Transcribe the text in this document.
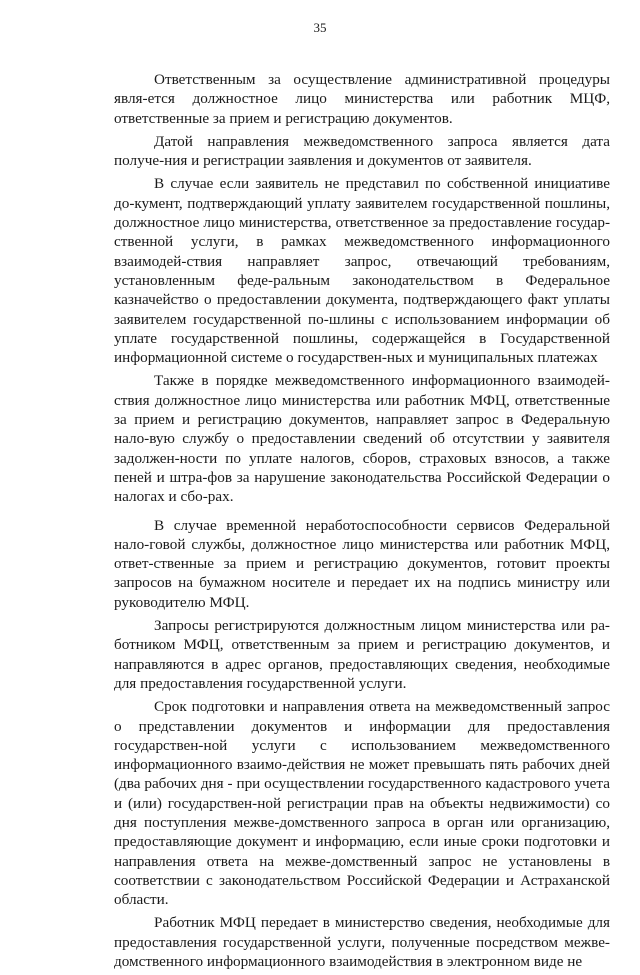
35

Ответственным за осуществление административной процедуры явля-ется должностное лицо министерства или работник МЦФ, ответственные за прием и регистрацию документов.

Датой направления межведомственного запроса является дата получе-ния и регистрации заявления и документов от заявителя.

В случае если заявитель не представил по собственной инициативе до-кумент, подтверждающий уплату заявителем государственной пошлины, должностное лицо министерства, ответственное за предоставление государ-ственной услуги, в рамках межведомственного информационного взаимодей-ствия направляет запрос, отвечающий требованиям, установленным феде-ральным законодательством в Федеральное казначейство о предоставлении документа, подтверждающего факт уплаты заявителем государственной по-шлины с использованием информации об уплате государственной пошлины, содержащейся в Государственной информационной системе о государствен-ных и муниципальных платежах

Также в порядке межведомственного информационного взаимодей-ствия должностное лицо министерства или работник МФЦ, ответственные за прием и регистрацию документов, направляет запрос в Федеральную нало-вую службу о предоставлении сведений об отсутствии у заявителя задолжен-ности по уплате налогов, сборов, страховых взносов, а также пеней и штра-фов за нарушение законодательства Российской Федерации о налогах и сбо-рах.

В случае временной неработоспособности сервисов Федеральной нало-говой службы, должностное лицо министерства или работник МФЦ, ответ-ственные за прием и регистрацию документов, готовит проекты запросов на бумажном носителе и передает их на подпись министру или руководителю МФЦ.

Запросы регистрируются должностным лицом министерства или ра-ботником МФЦ, ответственным за прием и регистрацию документов, и направляются в адрес органов, предоставляющих сведения, необходимые для предоставления государственной услуги.

Срок подготовки и направления ответа на межведомственный запрос о представлении документов и информации для предоставления государствен-ной услуги с использованием межведомственного информационного взаимо-действия не может превышать пять рабочих дней (два рабочих дня - при осуществлении государственного кадастрового учета и (или) государствен-ной регистрации прав на объекты недвижимости) со дня поступления межве-домственного запроса в орган или организацию, предоставляющие документ и информацию, если иные сроки подготовки и направления ответа на межве-домственный запрос не установлены в соответствии с законодательством Российской Федерации и Астраханской области.

Работник МФЦ передает в министерство сведения, необходимые для предоставления государственной услуги, полученные посредством межве-домственного информационного взаимодействия в электронном виде не
